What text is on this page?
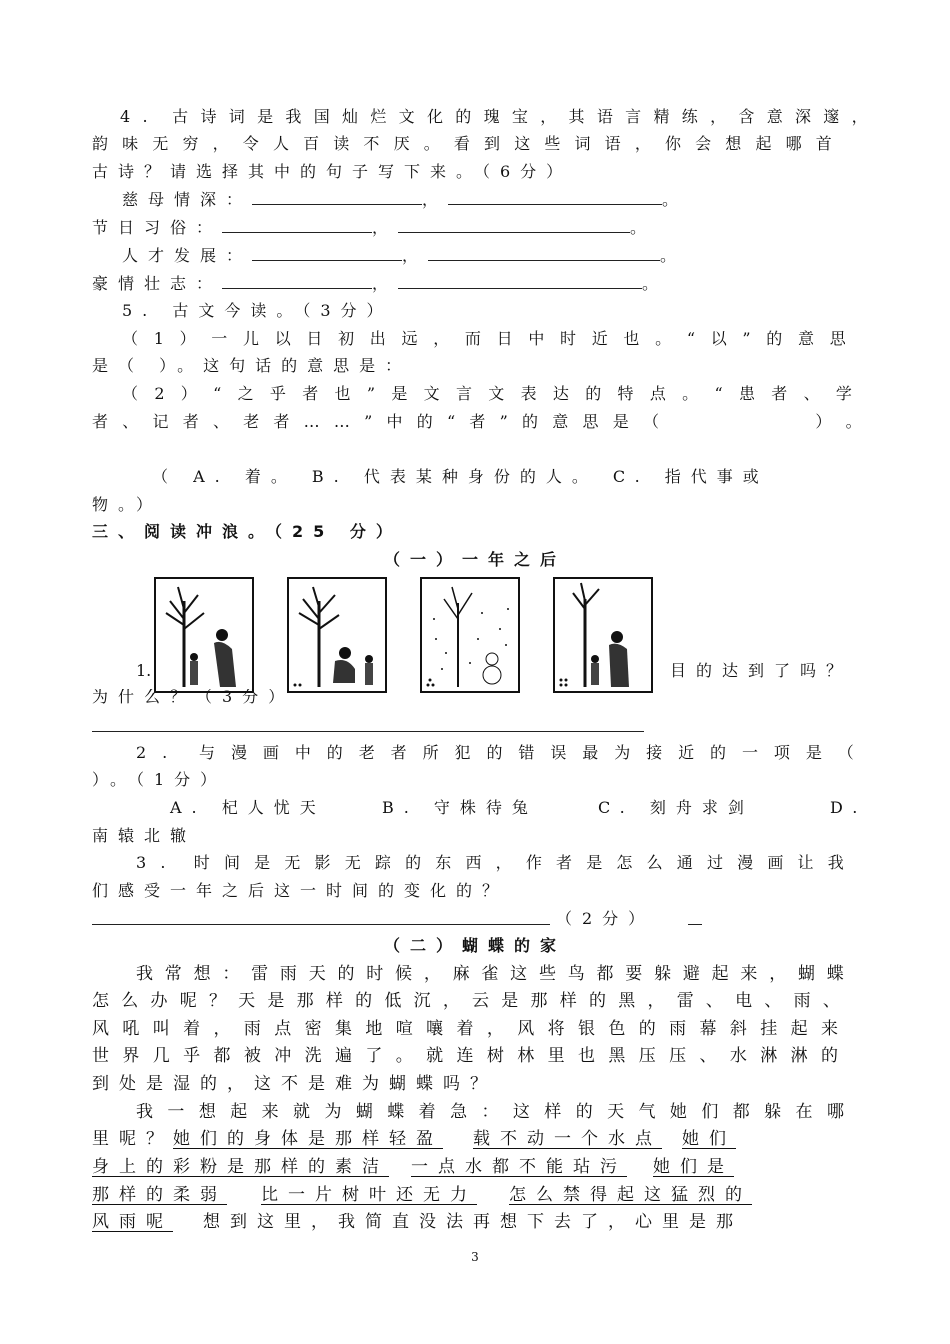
4 . 古 诗 词 是 我 国 灿 烂 文 化 的 瑰 宝 ， 其 语 言 精 练 ， 含 意 深 邃 ，
韵 味 无 穷 ， 令 人 百 读 不 厌 。 看 到 这 些 词 语 ， 你 会 想 起 哪 首
古诗？请选择其中的句子写下来。（6分）
慈母情深：	，	。
节日习俗：	，	。
人才发展：	，	。
豪情壮志：	，	。
5. 古文今读。（3分）
（ 1 ） 一 儿 以 日 初 出 远 ， 而 日 中 时 近 也 。 “ 以 ” 的 意 思
是（ ）。这句话的意思是：
（ 2 ） “ 之 乎 者 也 ” 是 文 言 文 表 达 的 特 点 。 “ 患 者 、 学
者 、 记 者 、 老 者 … … ” 中 的 “ 者 ” 的 意 思 是 （	） 。
（ A. 着。 B. 代表某种身份的人。 C. 指代事或
物。）
三、阅读冲浪。（25 分）
（一）一年之后
1.	目的达到了吗？
为什么？（3分）
2 . 与 漫 画 中 的 老 者 所 犯 的 错 误 最 为 接 近 的 一 项 是 （
）。（1分）
A. 杞人忧天	B. 守株待兔	C. 刻舟求剑	D.
南辕北辙
3 . 时 间 是 无 影 无 踪 的 东 西 ， 作 者 是 怎 么 通 过 漫 画 让 我
们感受一年之后这一时间的变化的？
（2分）
（二）蝴蝶的家
我 常 想 ： 雷 雨 天 的 时 候 ， 麻 雀 这 些 鸟 都 要 躲 避 起 来 ， 蝴 蝶
怎 么 办 呢 ？ 天 是 那 样 的 低 沉 ， 云 是 那 样 的 黑 ， 雷 、 电 、 雨 、
风 吼 叫 着 ， 雨 点 密 集 地 喧 嚷 着 ， 风 将 银 色 的 雨 幕 斜 挂 起 来
世 界 几 乎 都 被 冲 洗 遍 了 。 就 连 树 林 里 也 黑 压 压 、 水 淋 淋 的
到处是湿的，这不是难为蝴蝶吗？
我 一 想 起 来 就 为 蝴 蝶 着 急 ： 这 样 的 天 气 她 们 都 躲 在 哪
里呢？她们的身体是那样轻盈 载不动一个水点 她们
身上的彩粉是那样的素洁 一点水都不能玷污 她们是
那样的柔弱 比一片树叶还无力 怎么禁得起这猛烈的
风雨呢 想到这里，我简直没法再想下去了，心里是那
3
